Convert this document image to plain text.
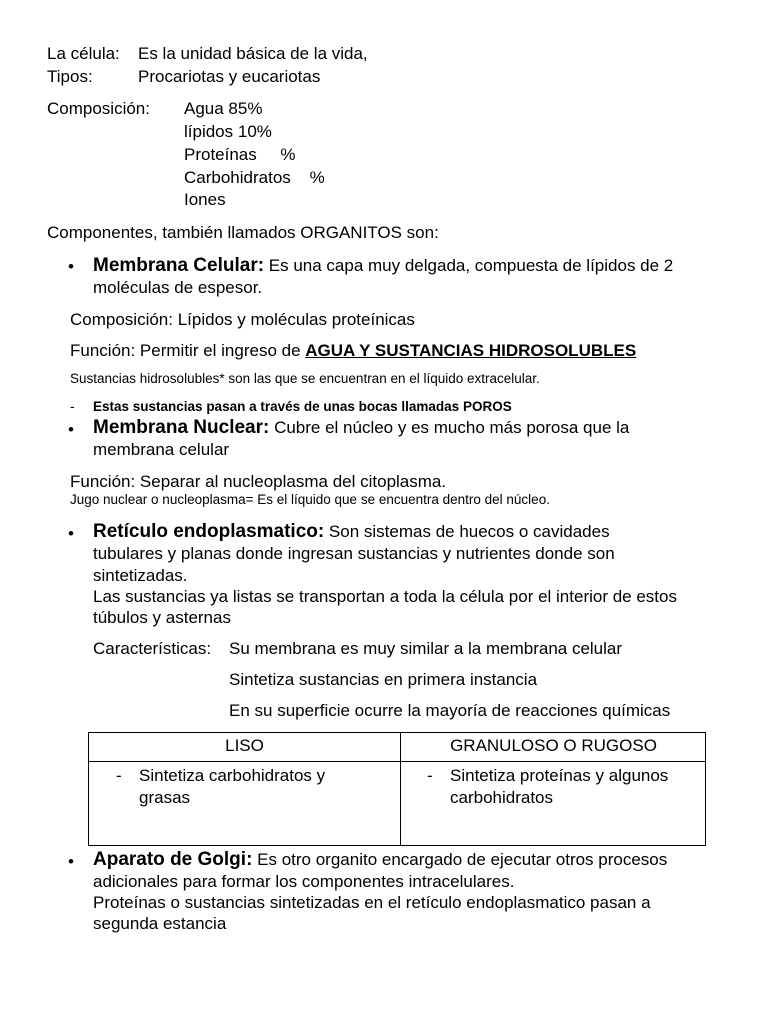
La célula: Es la unidad básica de la vida,
Tipos:	Procariotas y eucariotas
Composición: Agua 85%
lípidos 10%
Proteínas     %
Carbohidratos    %
Iones
Componentes, también llamados ORGANITOS son:
• Membrana Celular: Es una capa muy delgada, compuesta de lípidos de 2
moléculas de espesor.
Composición: Lípidos y moléculas proteínicas
Función: Permitir el ingreso de AGUA Y SUSTANCIAS HIDROSOLUBLES
Sustancias hidrosolubles* son las que se encuentran en el líquido extracelular.
- Estas sustancias pasan a través de unas bocas llamadas POROS
• Membrana Nuclear: Cubre el núcleo y es mucho más porosa que la
membrana celular
Función: Separar al nucleoplasma del citoplasma.
Jugo nuclear o nucleoplasma= Es el líquido que se encuentra dentro del núcleo.
• Retículo endoplasmatico: Son sistemas de huecos o cavidades
tubulares y planas donde ingresan sustancias y nutrientes donde son
sintetizadas.
Las sustancias ya listas se transportan a toda la célula por el interior de estos
túbulos y asternas
Características: Su membrana es muy similar a la membrana celular
Sintetiza sustancias en primera instancia
En su superficie ocurre la mayoría de reacciones químicas
LISO	GRANULOSO O RUGOSO
- Sintetiza carbohidratos y
grasas
- Sintetiza proteínas y algunos
carbohidratos
• Aparato de Golgi: Es otro organito encargado de ejecutar otros procesos
adicionales para formar los componentes intracelulares.
Proteínas o sustancias sintetizadas en el retículo endoplasmatico pasan a
segunda estancia
